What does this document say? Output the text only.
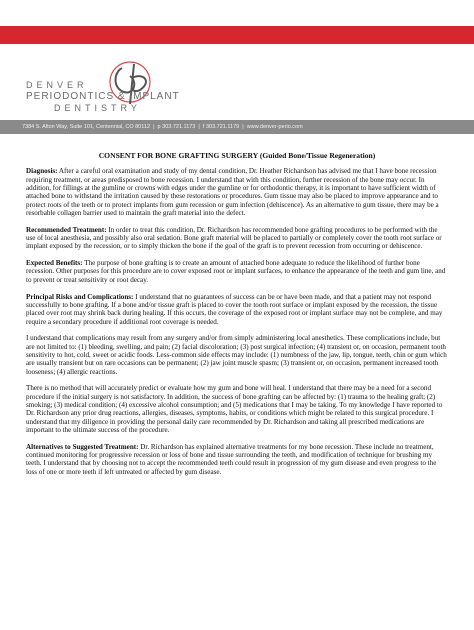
DENVER
PERIODONTICS & IMPLANT
DENTISTRY
7384 S. Alton Way, Suite 101, Centennial, CO 80112  |  p 303.721.1173  |  f 303.721.1179  |  www.denver-perio.com
CONSENT FOR BONE GRAFTING SURGERY (Guided Bone/Tissue Regeneration)

Diagnosis: After a careful oral examination and study of my dental condition, Dr. Heather Richardson has advised me that I have bone recession requiring treatment, or areas predisposed to bone recession. I understand that with this condition, further recession of the bone may occur. In addition, for fillings at the gumline or crowns with edges under the gumline or for orthodontic therapy, it is important to have sufficient width of attached bone to withstand the irritation caused by these restorations or procedures. Gum tissue may also be placed to improve appearance and to protect roots of the teeth or to protect implants from gum recession or gum infection (dehiscence). As an alternative to gum tissue, there may be a resorbable collagen barrier used to maintain the graft material into the defect.

Recommended Treatment: In order to treat this condition, Dr. Richardson has recommended bone grafting procedures to be performed with the use of local anesthesia, and possibly also oral sedation. Bone graft material will be placed to partially or completely cover the tooth root surface or implant exposed by the recession, or to simply thicken the bone if the goal of the graft is to prevent recession from occurring or dehiscence.

Expected Benefits: The purpose of bone grafting is to create an amount of attached bone adequate to reduce the likelihood of further bone recession. Other purposes for this procedure are to cover exposed root or implant surfaces, to enhance the appearance of the teeth and gum line, and to prevent or treat sensitivity or root decay.

Principal Risks and Complications: I understand that no guarantees of success can be or have been made, and that a patient may not respond successfully to bone grafting. If a bone and/or tissue graft is placed to cover the tooth root surface or implant exposed by the recession, the tissue placed over root may shrink back during healing. If this occurs, the coverage of the exposed root or implant surface may not be complete, and may require a secondary procedure if additional root coverage is needed.

I understand that complications may result from any surgery and/or from simply administering local anesthetics. These complications include, but are not limited to: (1) bleeding, swelling, and pain; (2) facial discoloration; (3) post surgical infection; (4) transient or, on occasion, permanent tooth sensitivity to hot, cold, sweet or acidic foods. Less-common side effects may include: (1) numbness of the jaw, lip, tongue, teeth, chin or gum which are usually transient but on rare occasions can be permanent; (2) jaw joint muscle spasm; (3) transient or, on occasion, permanent increased tooth looseness; (4) allergic reactions.

There is no method that will accurately predict or evaluate how my gum and bone will heal. I understand that there may be a need for a second procedure if the initial surgery is not satisfactory. In addition, the success of bone grafting can be affected by: (1) trauma to the healing graft; (2) smoking; (3) medical condition; (4) excessive alcohol consumption; and (5) medications that I may be taking. To my knowledge I have reported to Dr. Richardson any prior drug reactions, allergies, diseases, symptoms, habits, or conditions which might be related to this surgical procedure. I understand that my diligence in providing the personal daily care recommended by Dr. Richardson and taking all prescribed medications are important to the ultimate success of the procedure.

Alternatives to Suggested Treatment: Dr. Richardson has explained alternative treatments for my bone recession. These include no treatment, continued monitoring for progressive recession or loss of bone and tissue surrounding the teeth, and modification of technique for brushing my teeth. I understand that by choosing not to accept the recommended teeth could result in progression of my gum disease and even progress to the loss of one or more teeth if left untreated or affected by gum disease.
